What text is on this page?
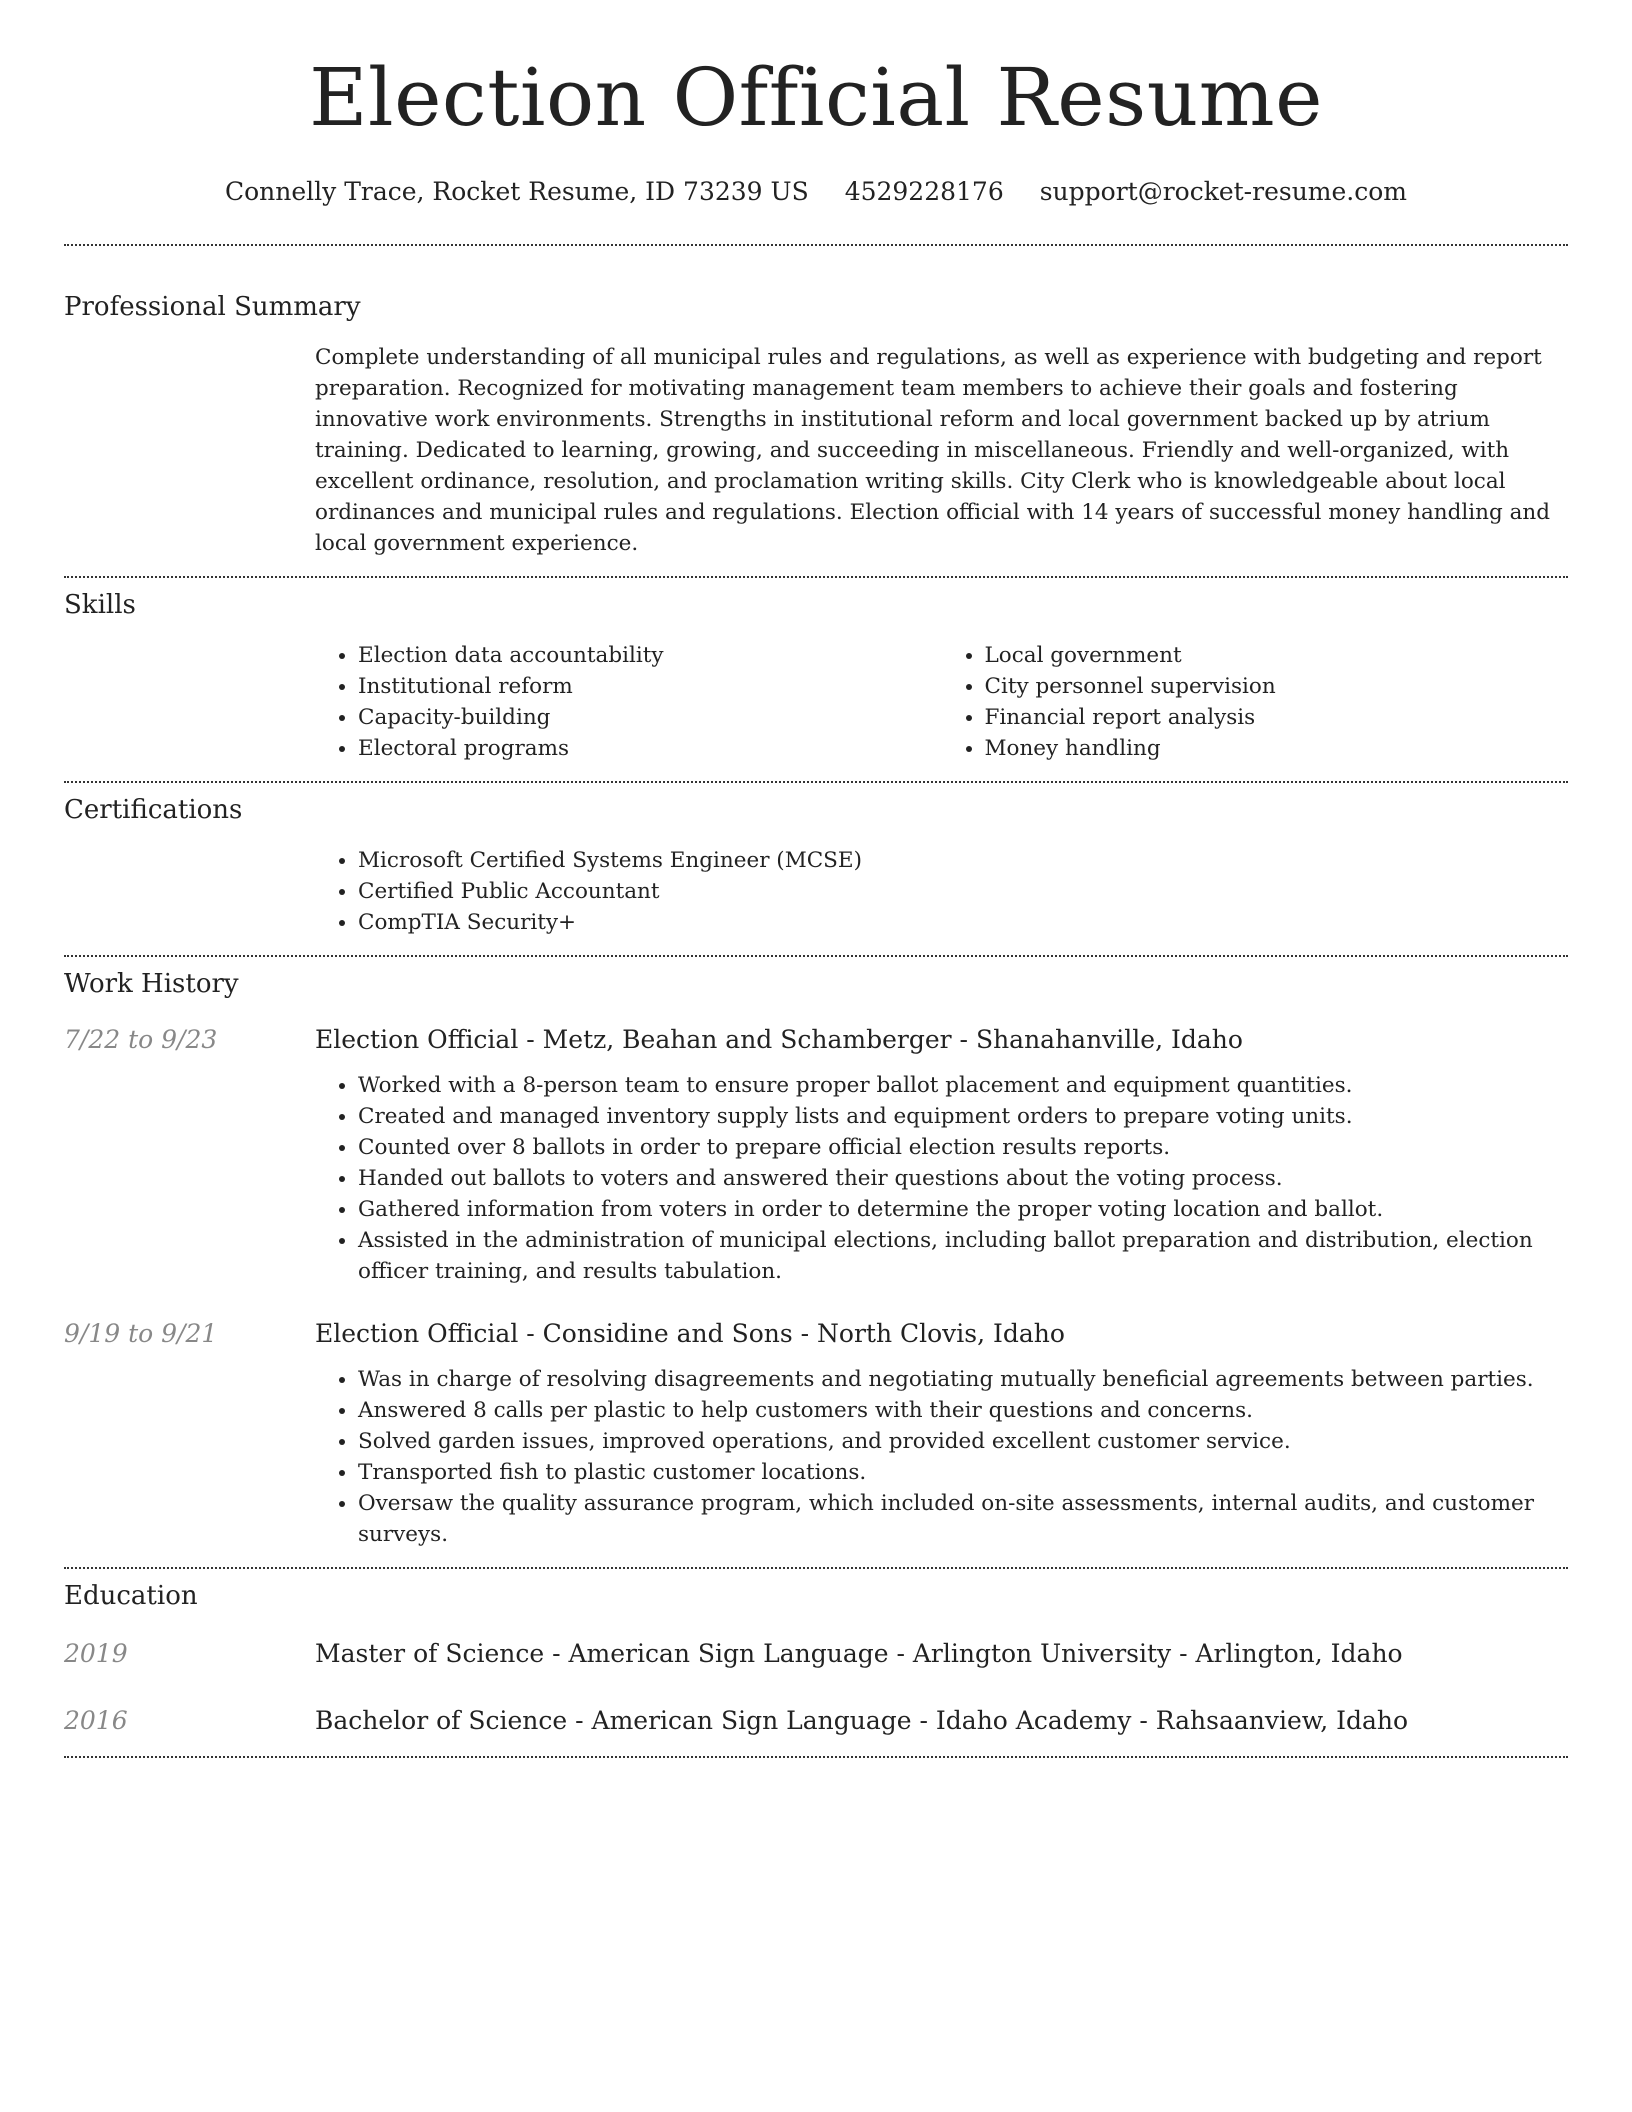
Election Official Resume
Connelly Trace, Rocket Resume, ID 73239 US 4529228176 support@rocket-resume.com
Professional Summary

Complete understanding of all municipal rules and regulations, as well as experience with budgeting and report preparation. Recognized for motivating management team members to achieve their goals and fostering innovative work environments. Strengths in institutional reform and local government backed up by atrium training. Dedicated to learning, growing, and succeeding in miscellaneous. Friendly and well-organized, with excellent ordinance, resolution, and proclamation writing skills. City Clerk who is knowledgeable about local ordinances and municipal rules and regulations. Election official with 14 years of successful money handling and local government experience.

Skills
• Election data accountability
• Institutional reform
• Capacity-building
• Electoral programs
• Local government
• City personnel supervision
• Financial report analysis
• Money handling
Certifications
• Microsoft Certified Systems Engineer (MCSE)
• Certified Public Accountant
• CompTIA Security+
Work History
7/22 to 9/23	Election Official - Metz, Beahan and Schamberger - Shanahanville, Idaho
• Worked with a 8-person team to ensure proper ballot placement and equipment quantities.
• Created and managed inventory supply lists and equipment orders to prepare voting units.
• Counted over 8 ballots in order to prepare official election results reports.
• Handed out ballots to voters and answered their questions about the voting process.
• Gathered information from voters in order to determine the proper voting location and ballot.
• Assisted in the administration of municipal elections, including ballot preparation and distribution, election officer training, and results tabulation.
9/19 to 9/21	Election Official - Considine and Sons - North Clovis, Idaho
• Was in charge of resolving disagreements and negotiating mutually beneficial agreements between parties.
• Answered 8 calls per plastic to help customers with their questions and concerns.
• Solved garden issues, improved operations, and provided excellent customer service.
• Transported fish to plastic customer locations.
• Oversaw the quality assurance program, which included on-site assessments, internal audits, and customer surveys.
Education
2019	Master of Science - American Sign Language - Arlington University - Arlington, Idaho
2016	Bachelor of Science - American Sign Language - Idaho Academy - Rahsaanview, Idaho
